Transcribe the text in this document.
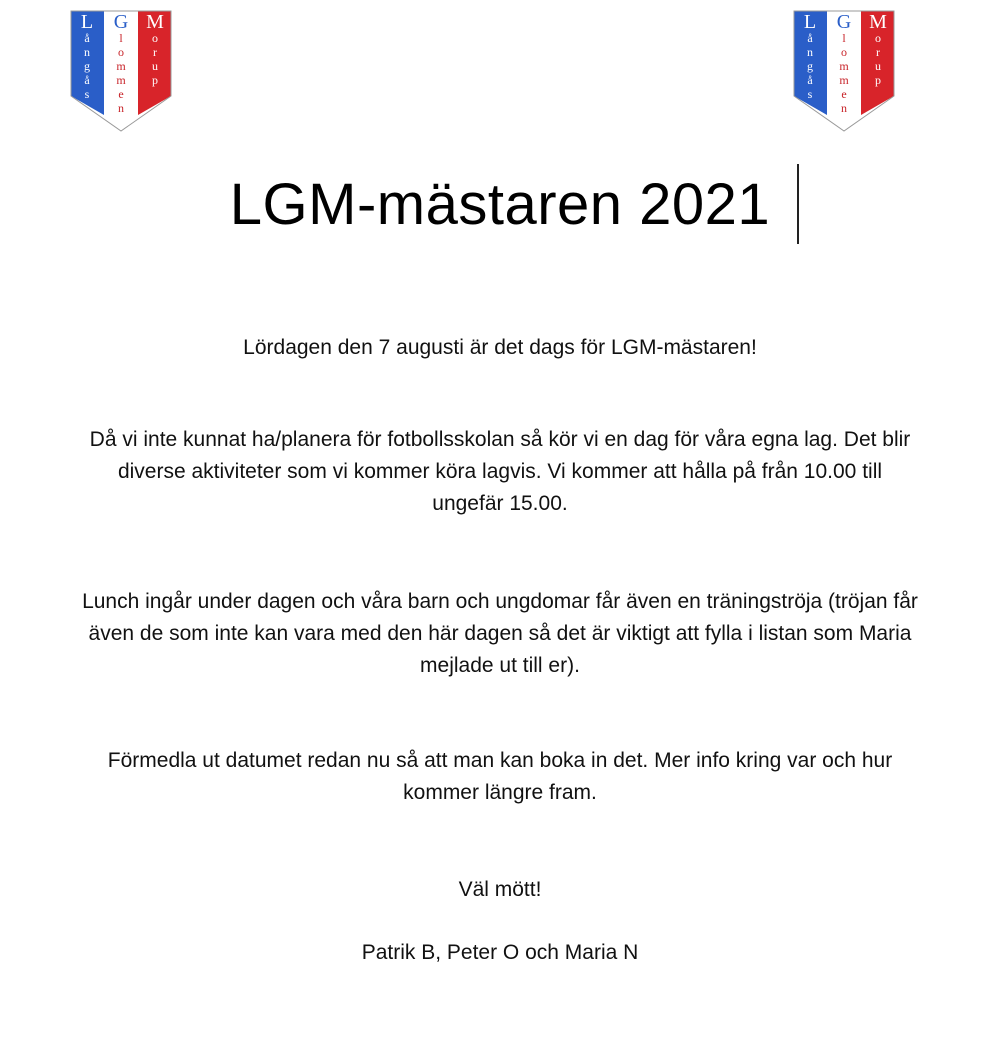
L
å
n
g
å
s
G
l
o
m
m
e
n
M
o
r
u
p
L
å
n
g
å
s
G
l
o
m
m
e
n
M
o
r
u
p
LGM-mästaren 2021
Lördagen den 7 augusti är det dags för LGM-mästaren!
Då vi inte kunnat ha/planera för fotbollsskolan så kör vi en dag för våra egna lag. Det blir diverse aktiviteter som vi kommer köra lagvis. Vi kommer att hålla på från 10.00 till ungefär 15.00.
Lunch ingår under dagen och våra barn och ungdomar får även en träningströja (tröjan får även de som inte kan vara med den här dagen så det är viktigt att fylla i listan som Maria mejlade ut till er).
Förmedla ut datumet redan nu så att man kan boka in det. Mer info kring var och hur kommer längre fram.
Väl mött!
Patrik B, Peter O och Maria N
